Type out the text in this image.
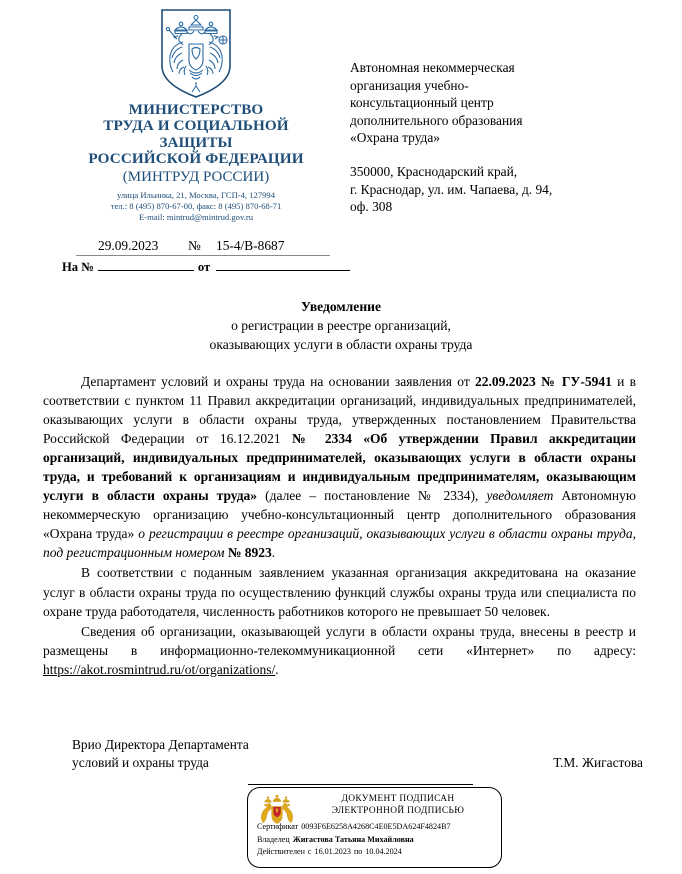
МИНИСТЕРСТВО
ТРУДА И СОЦИАЛЬНОЙ
ЗАЩИТЫ
РОССИЙСКОЙ ФЕДЕРАЦИИ
(МИНТРУД РОССИИ)
улица Ильинка, 21, Москва, ГСП-4, 127994
тел.: 8 (495) 870-67-00, факс: 8 (495) 870-68-71
E-mail: mintrud@mintrud.gov.ru
29.09.2023 № 15-4/В-8687
На №	от
Автономная некоммерческая
организация учебно-
консультационный центр
дополнительного образования
«Охрана труда»
350000, Краснодарский край,
г. Краснодар, ул. им. Чапаева, д. 94,
оф. 308
Уведомление
о регистрации в реестре организаций,
оказывающих услуги в области охраны труда

Департамент условий и охраны труда на основании заявления от 22.09.2023 № ГУ-5941 и в соответствии с пунктом 11 Правил аккредитации организаций, индивидуальных предпринимателей, оказывающих услуги в области охраны труда, утвержденных постановлением Правительства Российской Федерации от 16.12.2021 № 2334 «Об утверждении Правил аккредитации организаций, индивидуальных предпринимателей, оказывающих услуги в области охраны труда, и требований к организациям и индивидуальным предпринимателям, оказывающим услуги в области охраны труда» (далее – постановление № 2334), уведомляет Автономную некоммерческую организацию учебно-консультационный центр дополнительного образования «Охрана труда» о регистрации в реестре организаций, оказывающих услуги в области охраны труда, под регистрационным номером № 8923.

В соответствии с поданным заявлением указанная организация аккредитована на оказание услуг в области охраны труда по осуществлению функций службы охраны труда или специалиста по охране труда работодателя, численность работников которого не превышает 50 человек.

Сведения об организации, оказывающей услуги в области охраны труда, внесены в реестр и размещены в информационно-телекоммуникационной сети «Интернет» по адресу: https://akot.rosmintrud.ru/ot/organizations/.

Врио Директора Департамента
условий и охраны труда	Т.М. Жигастова
ДОКУМЕНТ ПОДПИСАН
ЭЛЕКТРОННОЙ ПОДПИСЬЮ
Сертификат 0093F6E6258A4268C4E0E5DA624F4824B7
Владелец Жигастова Татьяна Михайловна
Действителен с 16.01.2023 по 10.04.2024
